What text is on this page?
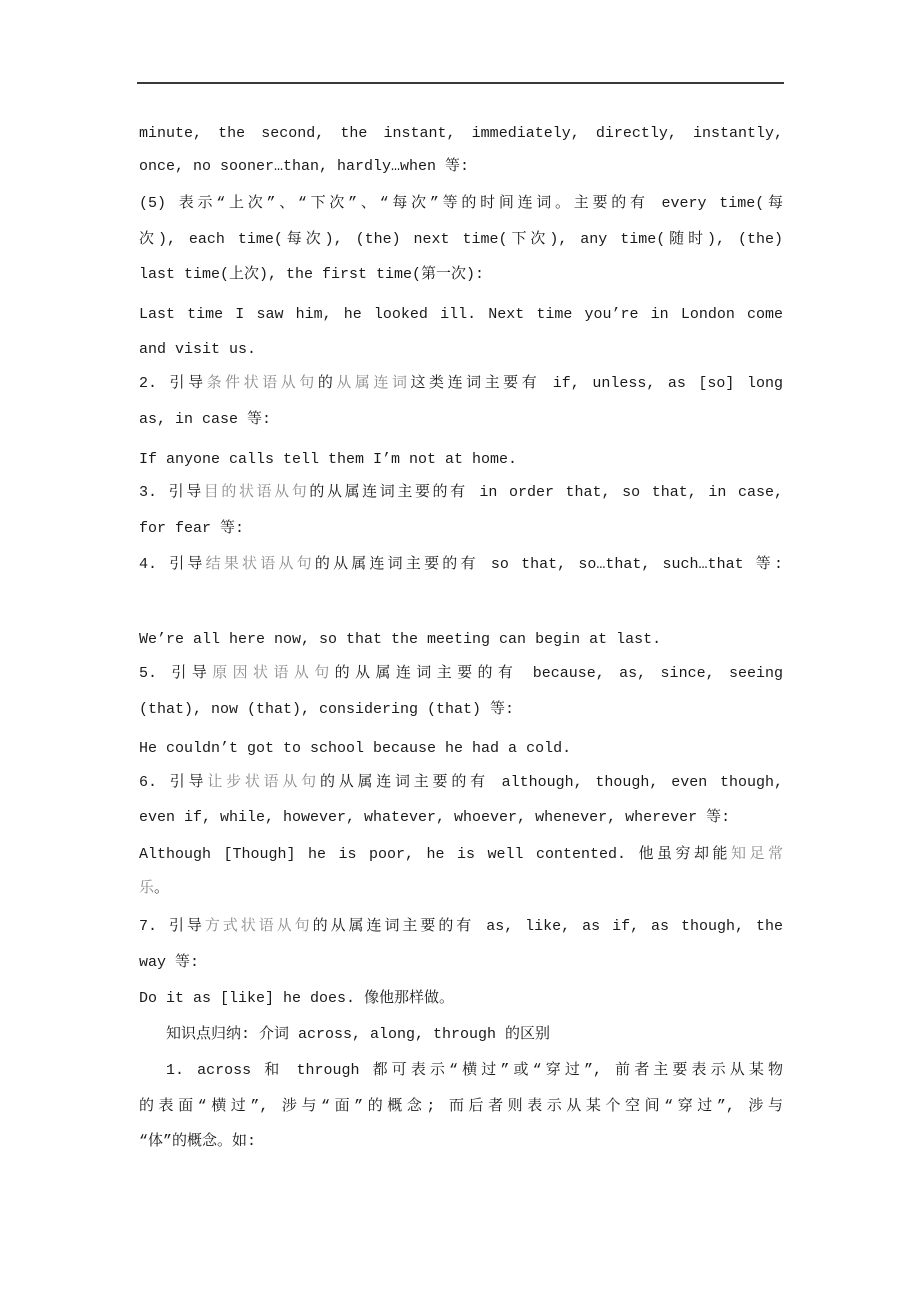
minute, the second, the instant, immediately, directly, instantly,
once, no sooner…than, hardly…when 等:
(5) 表示“上次”、“下次”、“每次”等的时间连词。主要的有 every time(每
次), each time(每次), (the) next time(下次), any time(随时), (the)
last time(上次), the first time(第一次):
Last time I saw him, he looked ill. Next time you’re in London come
and visit us.
2. 引导条件状语从句的从属连词这类连词主要有 if, unless, as [so] long
as, in case 等:
If anyone calls tell them I’m not at home.
3. 引导目的状语从句的从属连词主要的有 in order that, so that, in case,
for fear 等:
4. 引导结果状语从句的从属连词主要的有 so that, so…that, such…that 等:
We’re all here now, so that the meeting can begin at last.
5. 引导原因状语从句的从属连词主要的有 because, as, since, seeing
(that), now (that), considering (that) 等:
He couldn’t got to school because he had a cold.
6. 引导让步状语从句的从属连词主要的有 although, though, even though,
even if, while, however, whatever, whoever, whenever, wherever 等:
Although [Though] he is poor, he is well contented. 他虽穷却能知足常
乐。
7. 引导方式状语从句的从属连词主要的有 as, like, as if, as though, the
way 等:
Do it as [like] he does. 像他那样做。
知识点归纳: 介词 across, along, through 的区别
1. across 和 through 都可表示“横过”或“穿过”, 前者主要表示从某物
的表面“横过”, 涉与“面”的概念; 而后者则表示从某个空间“穿过”, 涉与
“体”的概念。如:
